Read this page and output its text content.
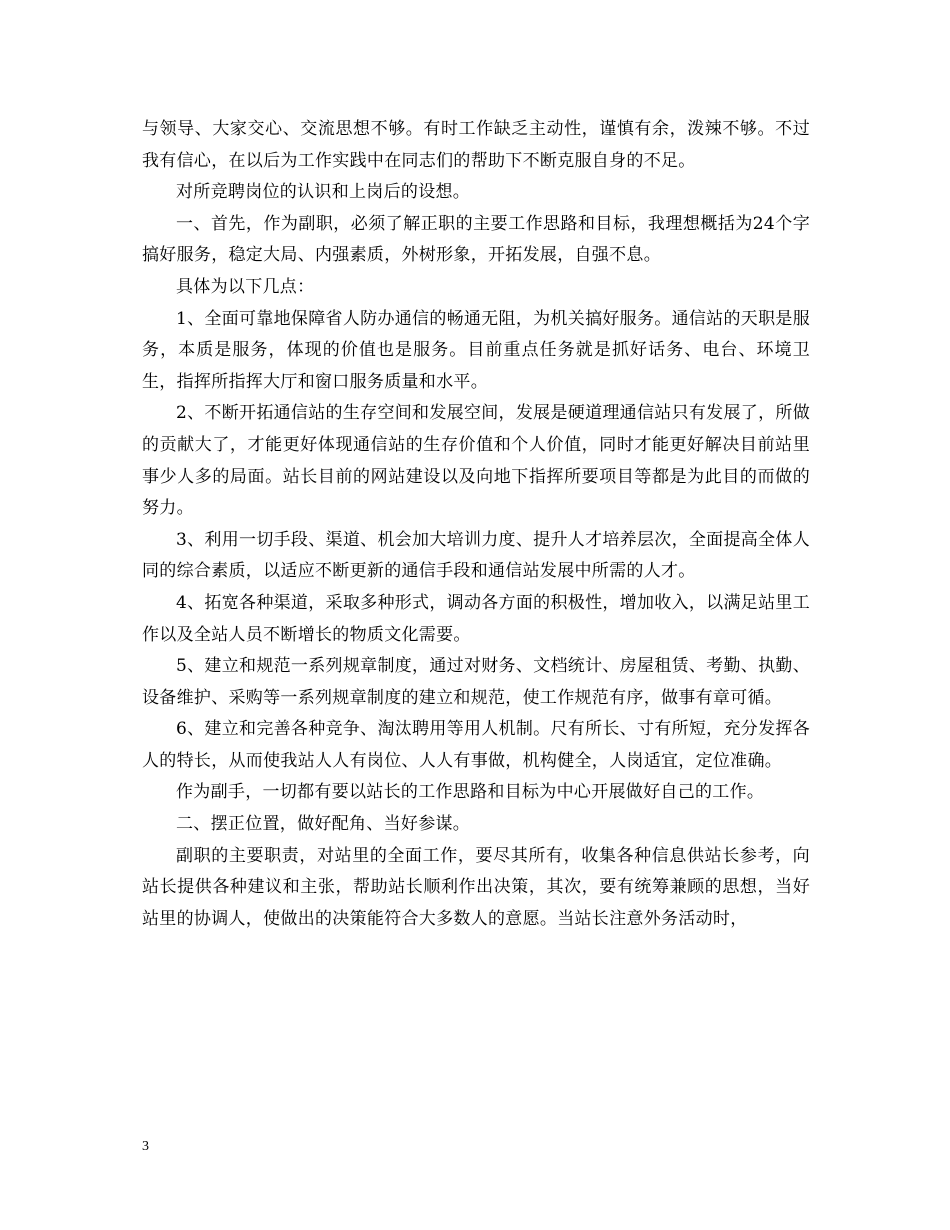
与领导、大家交心、交流思想不够。有时工作缺乏主动性，谨慎有余，泼辣不够。不过我有信心，在以后为工作实践中在同志们的帮助下不断克服自身的不足。

对所竞聘岗位的认识和上岗后的设想。

一、首先，作为副职，必须了解正职的主要工作思路和目标，我理想概括为24个字搞好服务，稳定大局、内强素质，外树形象，开拓发展，自强不息。

具体为以下几点：

1、全面可靠地保障省人防办通信的畅通无阻，为机关搞好服务。通信站的天职是服务，本质是服务，体现的价值也是服务。目前重点任务就是抓好话务、电台、环境卫生，指挥所指挥大厅和窗口服务质量和水平。

2、不断开拓通信站的生存空间和发展空间，发展是硬道理通信站只有发展了，所做的贡献大了，才能更好体现通信站的生存价值和个人价值，同时才能更好解决目前站里事少人多的局面。站长目前的网站建设以及向地下指挥所要项目等都是为此目的而做的努力。

3、利用一切手段、渠道、机会加大培训力度、提升人才培养层次，全面提高全体人同的综合素质，以适应不断更新的通信手段和通信站发展中所需的人才。

4、拓宽各种渠道，采取多种形式，调动各方面的积极性，增加收入，以满足站里工作以及全站人员不断增长的物质文化需要。

5、建立和规范一系列规章制度，通过对财务、文档统计、房屋租赁、考勤、执勤、设备维护、采购等一系列规章制度的建立和规范，使工作规范有序，做事有章可循。

6、建立和完善各种竞争、淘汰聘用等用人机制。尺有所长、寸有所短，充分发挥各人的特长，从而使我站人人有岗位、人人有事做，机构健全，人岗适宜，定位准确。

作为副手，一切都有要以站长的工作思路和目标为中心开展做好自己的工作。

二、摆正位置，做好配角、当好参谋。

副职的主要职责，对站里的全面工作，要尽其所有，收集各种信息供站长参考，向站长提供各种建议和主张，帮助站长顺利作出决策，其次，要有统筹兼顾的思想，当好站里的协调人，使做出的决策能符合大多数人的意愿。当站长注意外务活动时，

3
